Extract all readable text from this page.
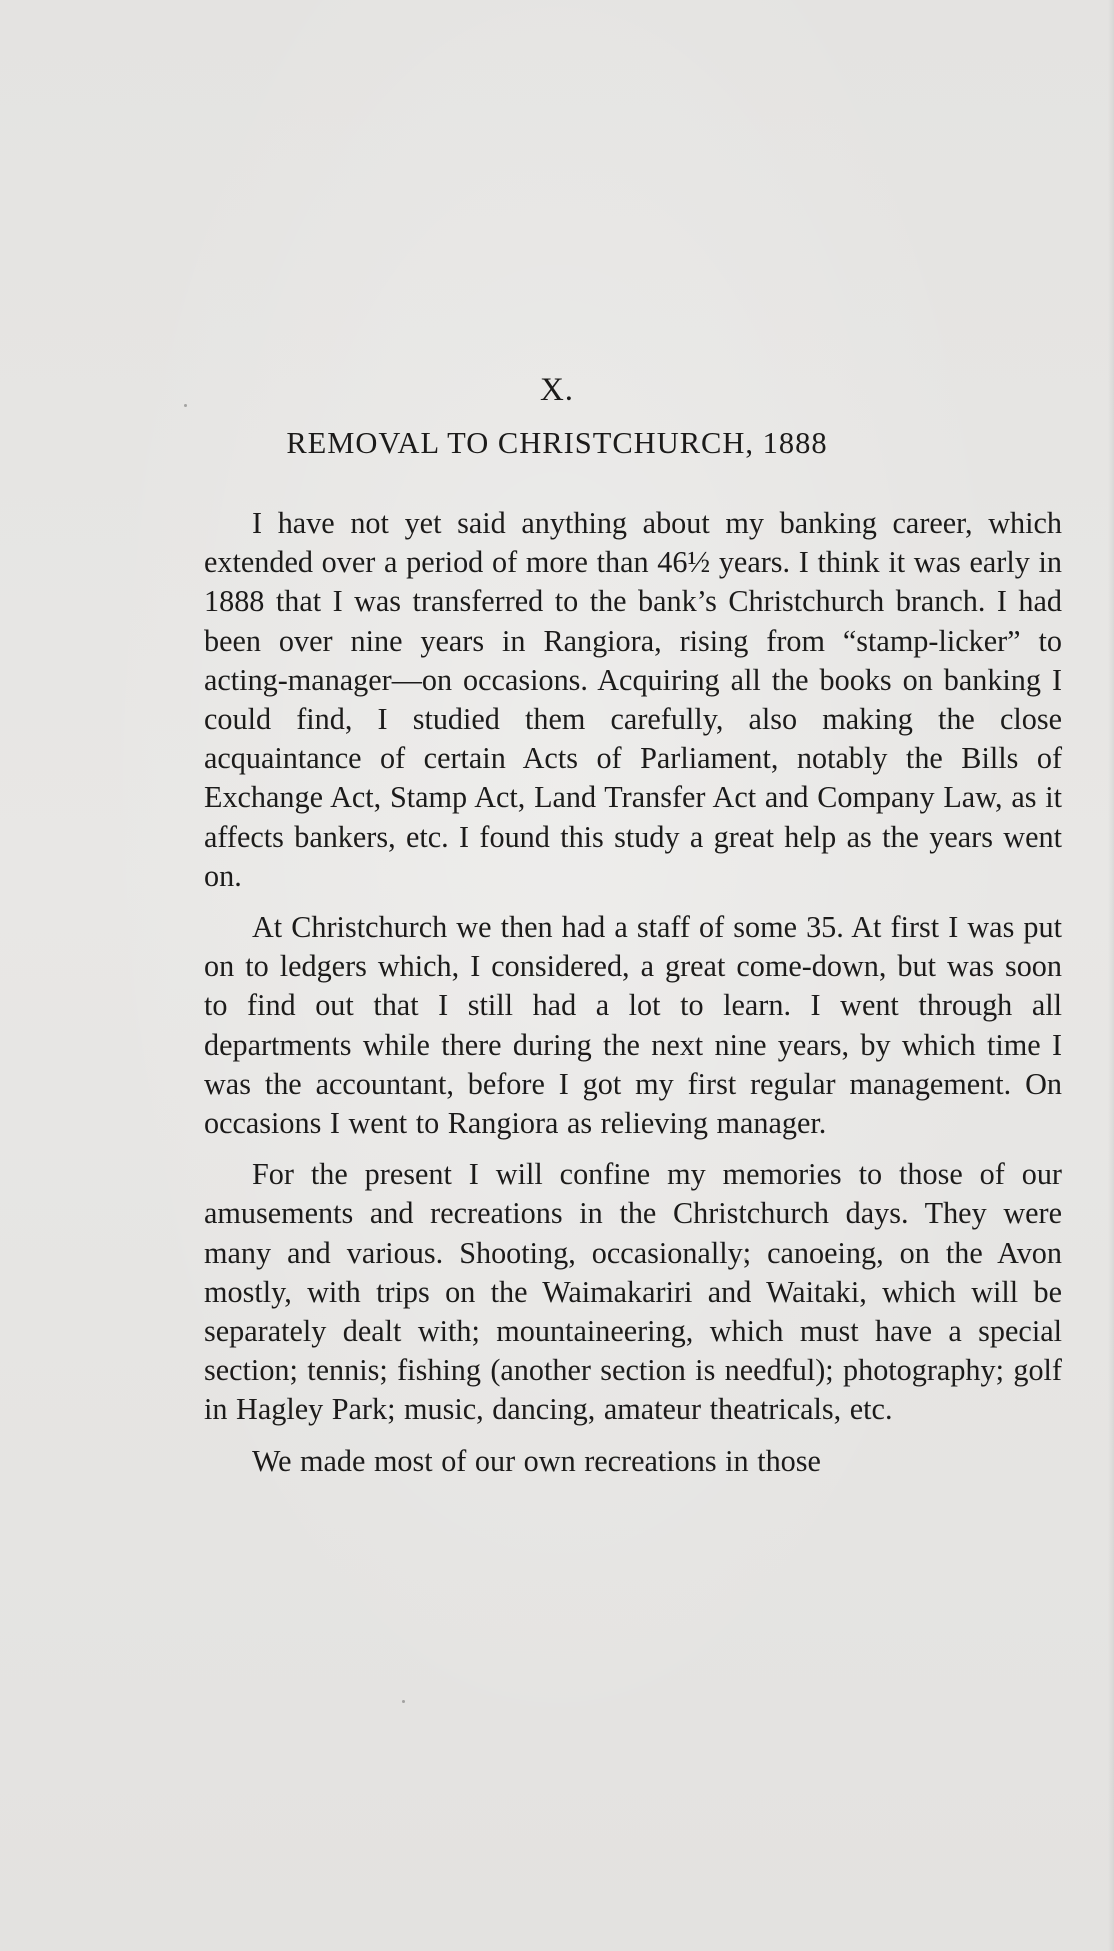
X.
REMOVAL TO CHRISTCHURCH, 1888

I have not yet said anything about my banking career, which extended over a period of more than 46½ years. I think it was early in 1888 that I was transferred to the bank’s Christchurch branch. I had been over nine years in Rangiora, rising from “stamp-licker” to acting-manager—on occasions. Acquiring all the books on banking I could find, I studied them carefully, also making the close acquaintance of certain Acts of Parliament, notably the Bills of Exchange Act, Stamp Act, Land Transfer Act and Company Law, as it affects bankers, etc. I found this study a great help as the years went on.

At Christchurch we then had a staff of some 35. At first I was put on to ledgers which, I considered, a great come-down, but was soon to find out that I still had a lot to learn. I went through all departments while there during the next nine years, by which time I was the accountant, before I got my first regular management. On occasions I went to Rangiora as relieving manager.

For the present I will confine my memories to those of our amusements and recreations in the Christchurch days. They were many and various. Shooting, occasionally; canoeing, on the Avon mostly, with trips on the Waimakariri and Waitaki, which will be separately dealt with; mountaineering, which must have a special section; tennis; fishing (another section is needful); photography; golf in Hagley Park; music, dancing, amateur theatricals, etc.

We made most of our own recreations in those
